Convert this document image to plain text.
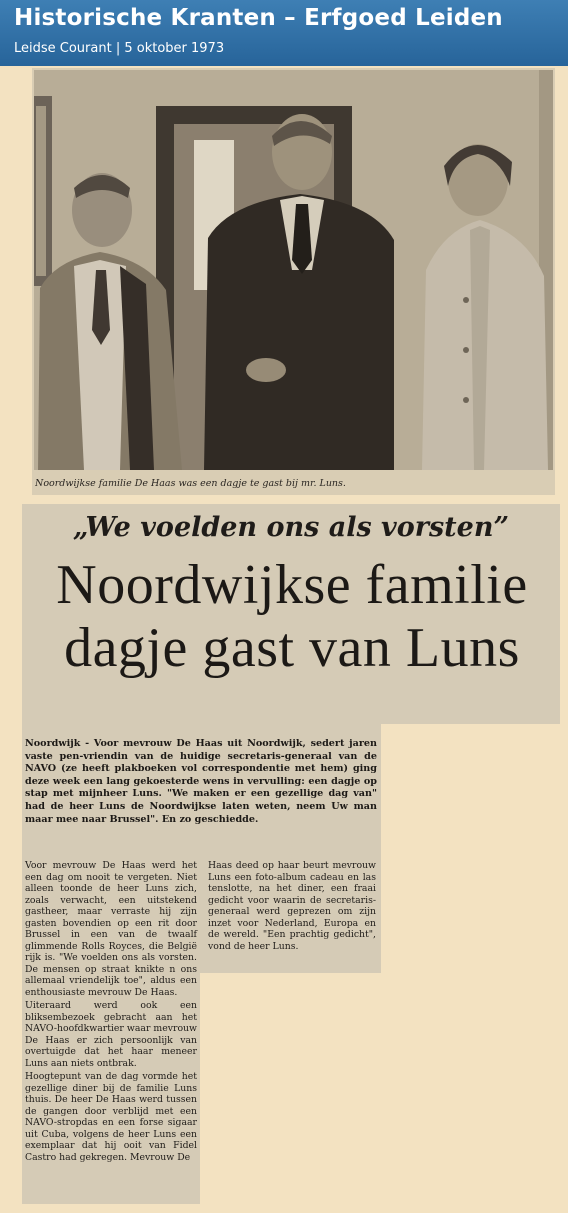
Historische Kranten – Erfgoed Leiden
Leidse Courant | 5 oktober 1973
Noordwijkse familie De Haas was een dagje te gast bij mr. Luns.
„We voelden ons als vorsten”
Noordwijkse familie
dagje gast van Luns
Noordwijk - Voor mevrouw De Haas uit Noordwijk, sedert jaren vaste pen-vriendin van de huidige secretaris-generaal van de NAVO (ze heeft plakboeken vol correspondentie met hem) ging deze week een lang gekoesterde wens in vervulling: een dagje op stap met mijnheer Luns. "We maken er een gezellige dag van" had de heer Luns de Noordwijkse laten weten, neem Uw man maar mee naar Brussel". En zo geschiedde.

Voor mevrouw De Haas werd het een dag om nooit te vergeten. Niet alleen toonde de heer Luns zich, zoals verwacht, een uitstekend gastheer, maar verraste hij zijn gasten bovendien op een rit door Brussel in een van de twaalf glimmende Rolls Royces, die België rijk is. "We voelden ons als vorsten. De mensen op straat knikte n ons allemaal vriendelijk toe", aldus een enthousiaste mevrouw De Haas.

Uiteraard werd ook een bliksembezoek gebracht aan het NAVO-hoofdkwartier waar mevrouw De Haas er zich persoonlijk van overtuigde dat het haar meneer Luns aan niets ontbrak.

Hoogtepunt van de dag vormde het gezellige diner bij de familie Luns thuis. De heer De Haas werd tussen de gangen door verblijd met een NAVO-stropdas en een forse sigaar uit Cuba, volgens de heer Luns een exemplaar dat hij ooit van Fidel Castro had gekregen. Mevrouw De

Haas deed op haar beurt mevrouw Luns een foto-album cadeau en las tenslotte, na het diner, een fraai gedicht voor waarin de secretaris-generaal werd geprezen om zijn inzet voor Nederland, Europa en de wereld. "Een prachtig gedicht", vond de heer Luns.
